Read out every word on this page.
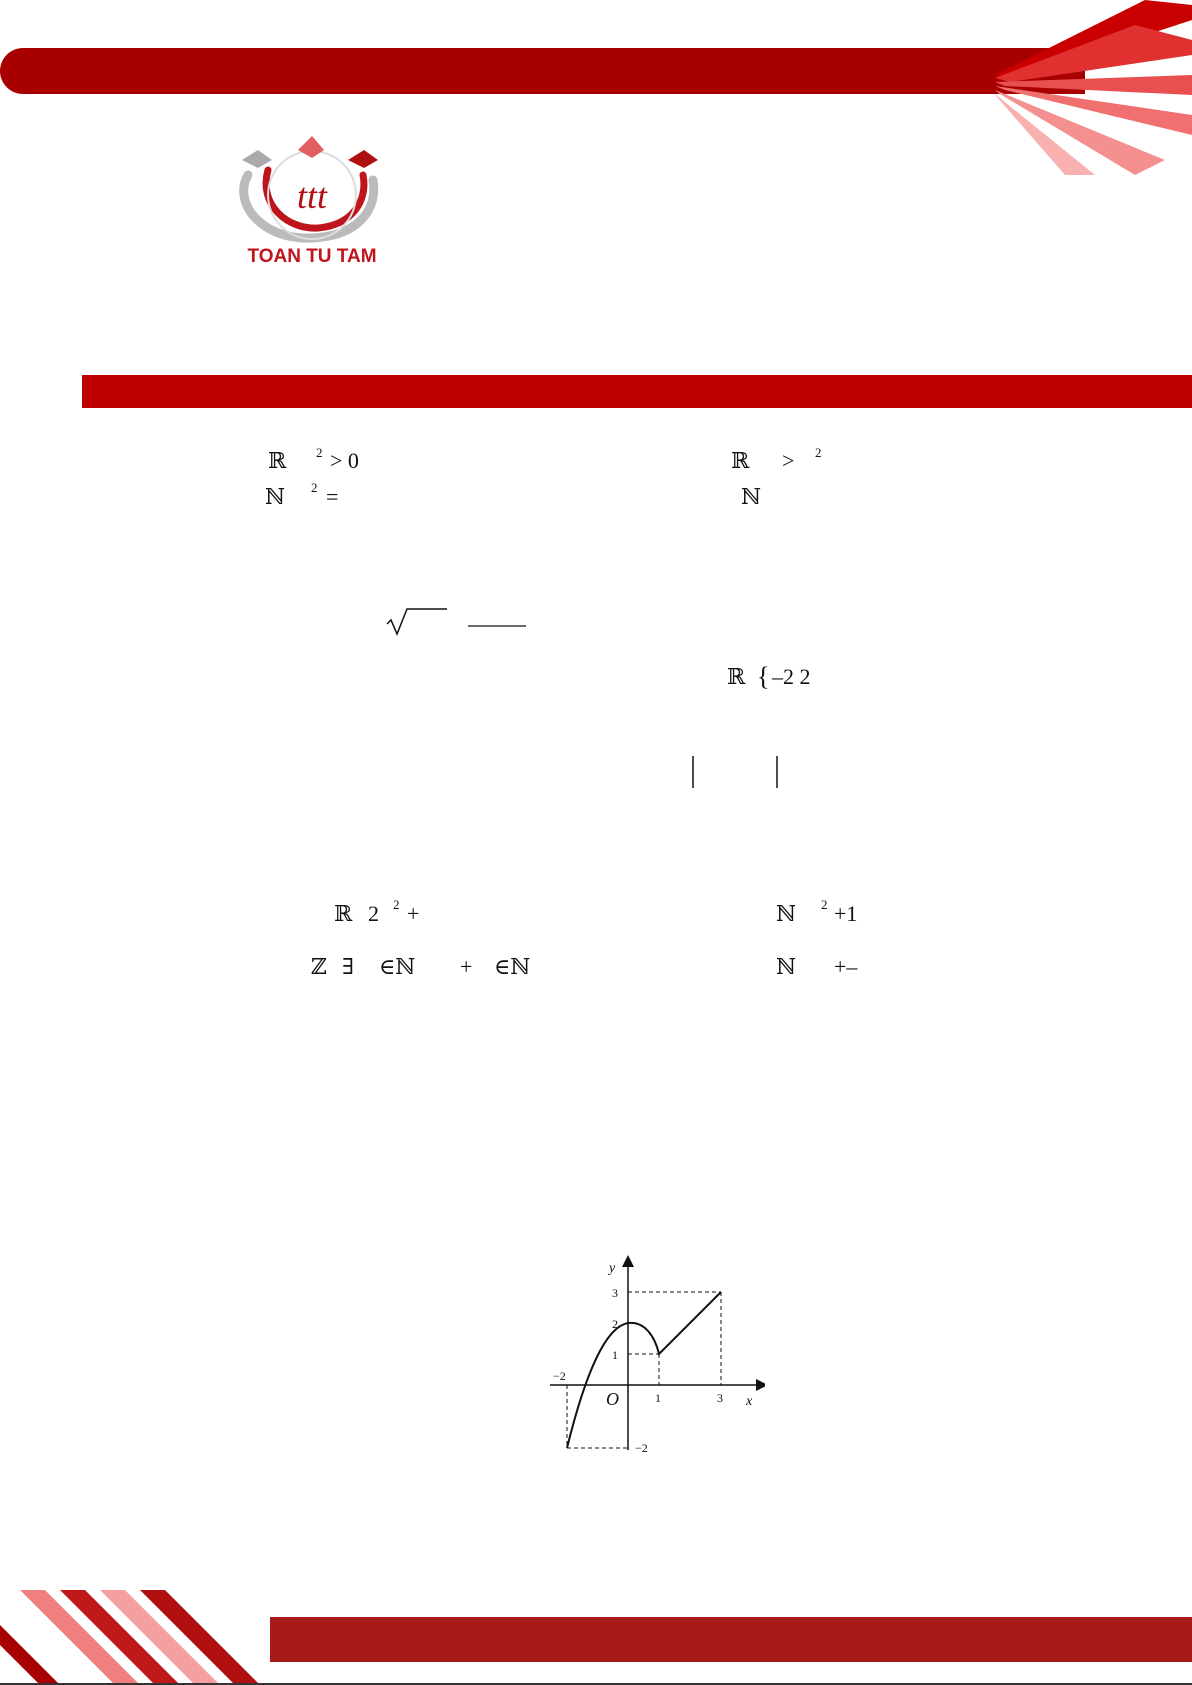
ttt
TOAN TU TAM
ℝ 2 > 0	ℝ > 2
ℕ 2 =	ℕ
ℝ { –2 2
ℝ 2 2 +	ℕ 2 +1
ℤ ∃ ∈ℕ + ∈ℕ	ℕ +–
y
x
O
3
2
1
−2
−2
1	3
